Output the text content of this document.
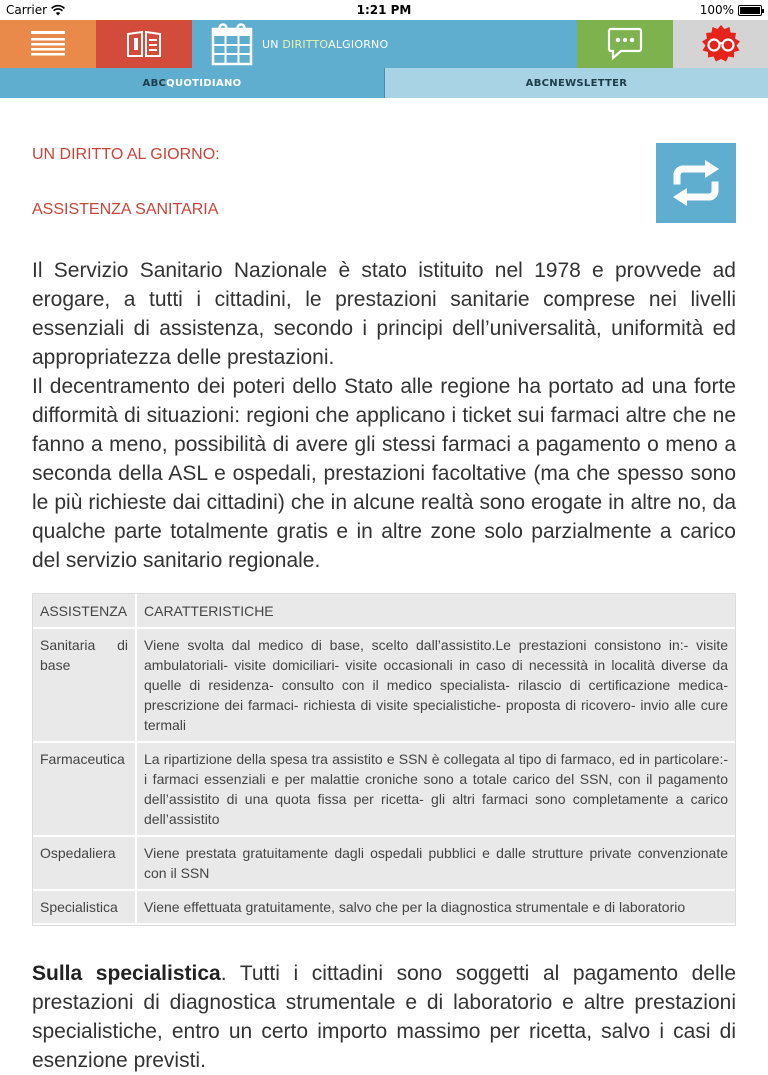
Carrier	1:21 PM	100%
UN DIRITTOALGIORNO
ABC QUOTIDIANO	ABCNEWSLETTER
UN DIRITTO AL GIORNO:
ASSISTENZA SANITARIA

Il Servizio Sanitario Nazionale è stato istituito nel 1978 e provvede ad erogare, a tutti i cittadini, le prestazioni sanitarie comprese nei livelli essenziali di assistenza, secondo i principi dell’universalità, uniformità ed appropriatezza delle prestazioni.

Il decentramento dei poteri dello Stato alle regione ha portato ad una forte difformità di situazioni: regioni che applicano i ticket sui farmaci altre che ne fanno a meno, possibilità di avere gli stessi farmaci a pagamento o meno a seconda della ASL e ospedali, prestazioni facoltative (ma che spesso sono le più richieste dai cittadini) che in alcune realtà sono erogate in altre no, da qualche parte totalmente gratis e in altre zone solo parzialmente a carico del servizio sanitario regionale.

ASSISTENZA	CARATTERISTICHE
Sanitaria di base	Viene svolta dal medico di base, scelto dall’assistito.Le prestazioni consistono in:- visite ambulatoriali- visite domiciliari- visite occasionali in caso di necessità in località diverse da quelle di residenza- consulto con il medico specialista- rilascio di certificazione medica- prescrizione dei farmaci- richiesta di visite specialistiche- proposta di ricovero- invio alle cure termali
Farmaceutica	La ripartizione della spesa tra assistito e SSN è collegata al tipo di farmaco, ed in particolare:- i farmaci essenziali e per malattie croniche sono a totale carico del SSN, con il pagamento dell’assistito di una quota fissa per ricetta- gli altri farmaci sono completamente a carico dell’assistito
Ospedaliera	Viene prestata gratuitamente dagli ospedali pubblici e dalle strutture private convenzionate con il SSN
Specialistica	Viene effettuata gratuitamente, salvo che per la diagnostica strumentale e di laboratorio
Sulla specialistica. Tutti i cittadini sono soggetti al pagamento delle prestazioni di diagnostica strumentale e di laboratorio e altre prestazioni specialistiche, entro un certo importo massimo per ricetta, salvo i casi di esenzione previsti.
